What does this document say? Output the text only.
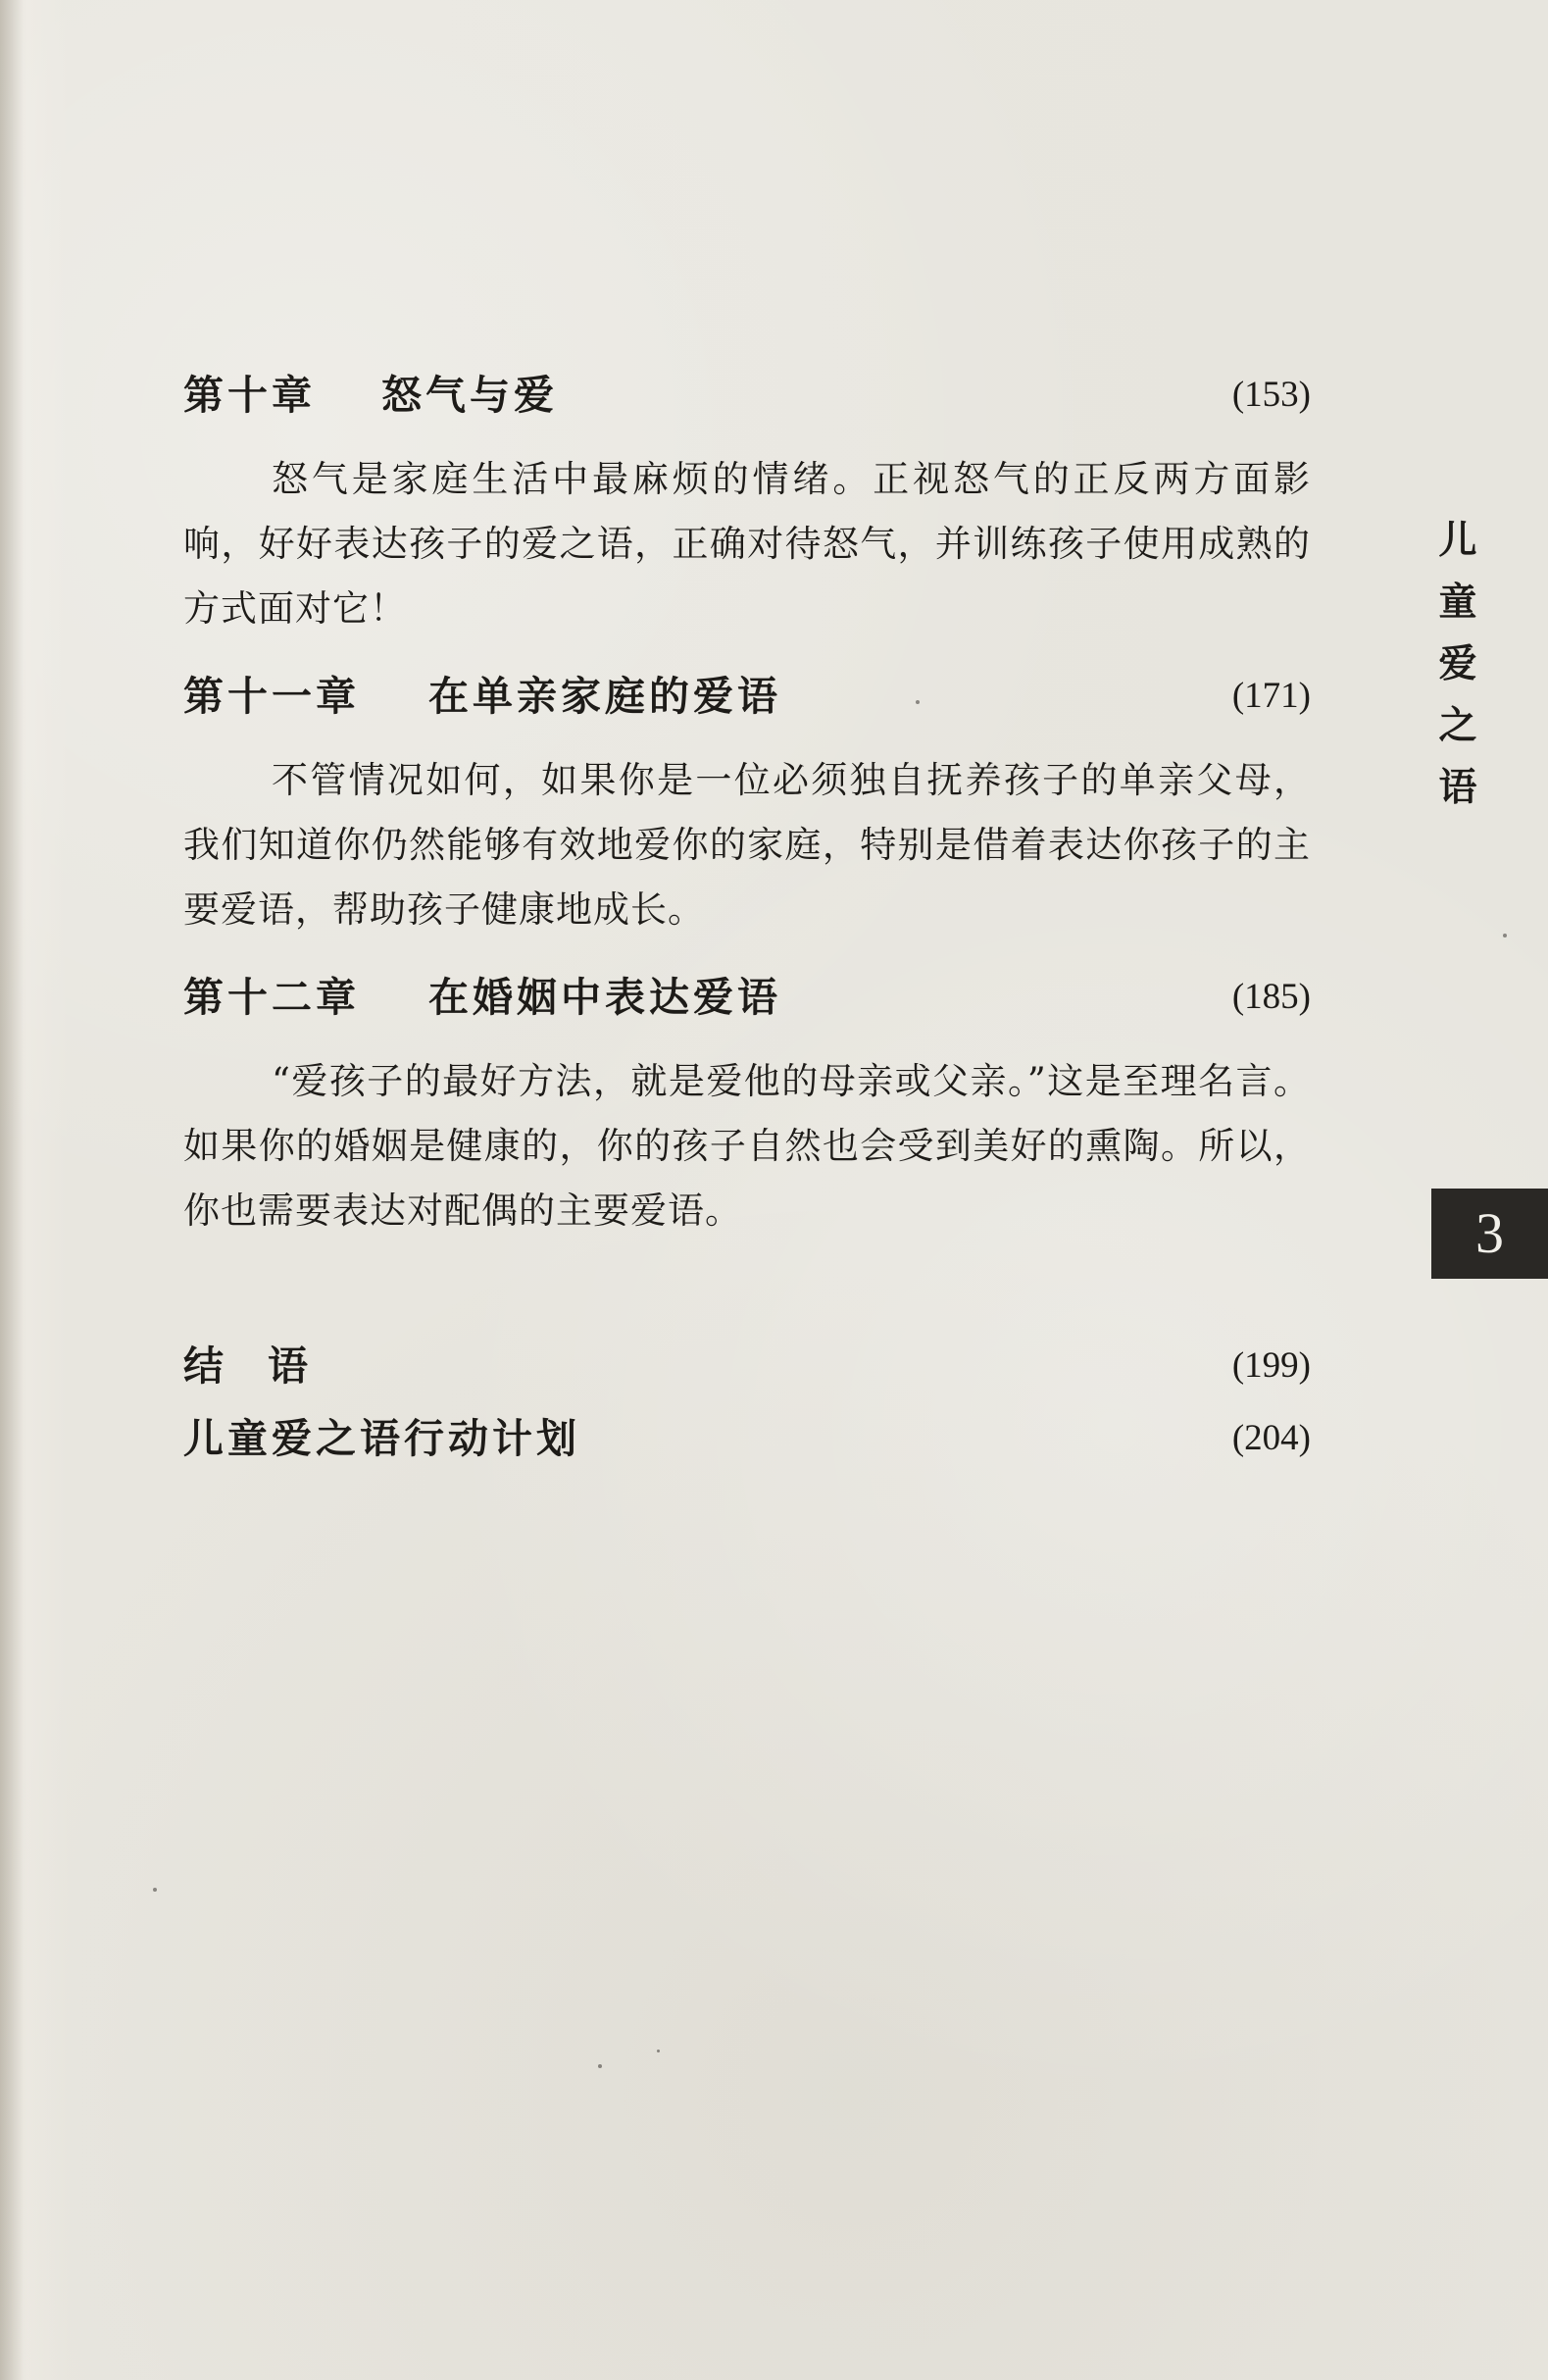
第十章 怒气与爱	(153)

怒气是家庭生活中最麻烦的情绪。正视怒气的正反两方面影响，好好表达孩子的爱之语，正确对待怒气，并训练孩子使用成熟的方式面对它！

第十一章 在单亲家庭的爱语	(171)

不管情况如何，如果你是一位必须独自抚养孩子的单亲父母，我们知道你仍然能够有效地爱你的家庭，特别是借着表达你孩子的主要爱语，帮助孩子健康地成长。

第十二章 在婚姻中表达爱语	(185)

“爱孩子的最好方法，就是爱他的母亲或父亲。”这是至理名言。如果你的婚姻是健康的，你的孩子自然也会受到美好的熏陶。所以，你也需要表达对配偶的主要爱语。

结　语	(199)
儿童爱之语行动计划	(204)
儿
童
爱
之
语
3
